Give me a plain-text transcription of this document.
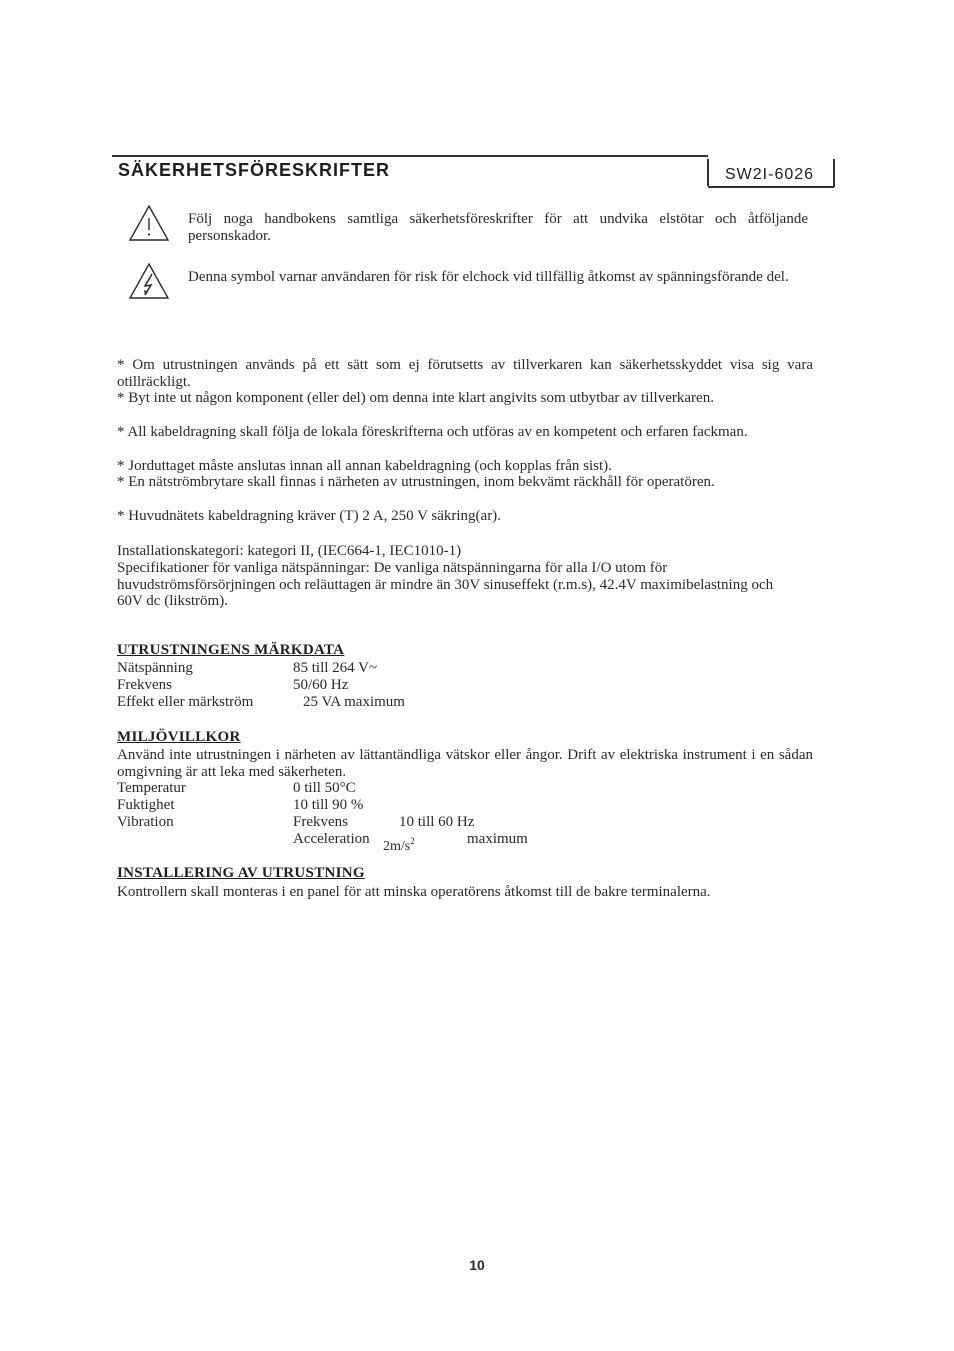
SÄKERHETSFÖRESKRIFTER	SW2I-6026
Följ noga handbokens samtliga säkerhetsföreskrifter för att undvika elstötar och åtföljande personskador.
Denna symbol varnar användaren för risk för elchock vid tillfällig åtkomst av spänningsförande del.
* Om utrustningen används på ett sätt som ej förutsetts av tillverkaren kan säkerhetsskyddet visa sig vara otillräckligt.
* Byt inte ut någon komponent (eller del) om denna inte klart angivits som utbytbar av tillverkaren.
* All kabeldragning skall följa de lokala föreskrifterna och utföras av en kompetent och erfaren fackman.
* Jorduttaget måste anslutas innan all annan kabeldragning (och kopplas från sist).
* En nätströmbrytare skall finnas i närheten av utrustningen, inom bekvämt räckhåll för operatören.
* Huvudnätets kabeldragning kräver (T) 2 A, 250 V säkring(ar).
Installationskategori: kategori II, (IEC664-1, IEC1010-1)
Specifikationer för vanliga nätspänningar: De vanliga nätspänningarna för alla I/O utom för huvudströmsförsörjningen och reläuttagen är mindre än 30V sinuseffekt (r.m.s), 42.4V maximibelastning och 60V dc (likström).
UTRUSTNINGENS MÄRKDATA
Nätspänning	85 till 264 V~
Frekvens	50/60 Hz
Effekt eller märkström	25 VA maximum
MILJÖVILLKOR
Använd inte utrustningen i närheten av lättantändliga vätskor eller ångor. Drift av elektriska instrument i en sådan omgivning är att leka med säkerheten.
Temperatur	0 till 50°C
Fuktighet	10 till 90 %
Vibration	Frekvens	10 till 60 Hz
Acceleration $2m/s^2$	maximum
INSTALLERING AV UTRUSTNING
Kontrollern skall monteras i en panel för att minska operatörens åtkomst till de bakre terminalerna.
10
